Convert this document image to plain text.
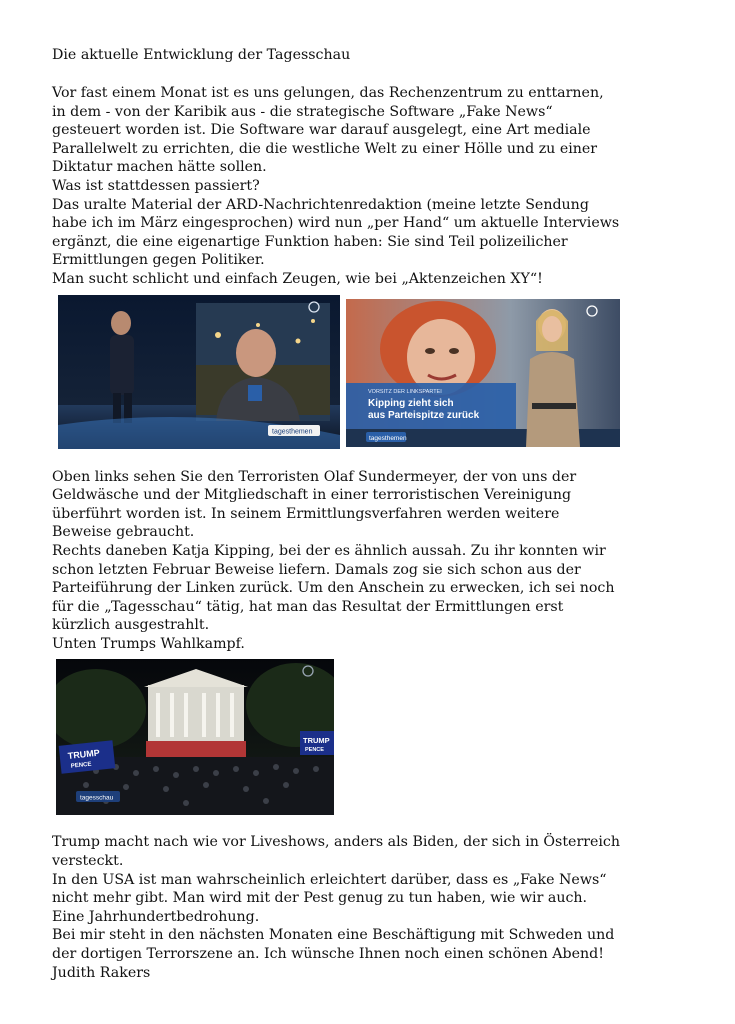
Die aktuelle Entwicklung der Tagesschau
Vor fast einem Monat ist es uns gelungen, das Rechenzentrum zu enttarnen,
in dem - von der Karibik aus - die strategische Software „Fake News“
gesteuert worden ist. Die Software war darauf ausgelegt, eine Art mediale
Parallelwelt zu errichten, die die westliche Welt zu einer Hölle und zu einer
Diktatur machen hätte sollen.
Was ist stattdessen passiert?
Das uralte Material der ARD-Nachrichtenredaktion (meine letzte Sendung
habe ich im März eingesprochen) wird nun „per Hand“ um aktuelle Interviews
ergänzt, die eine eigenartige Funktion haben: Sie sind Teil polizeilicher
Ermittlungen gegen Politiker.
Man sucht schlicht und einfach Zeugen, wie bei „Aktenzeichen XY“!
tagesthemen
VORSITZ DER LINKSPARTEI
Kipping zieht sich
aus Parteispitze zurück
tagesthemen
Oben links sehen Sie den Terroristen Olaf Sundermeyer, der von uns der
Geldwäsche und der Mitgliedschaft in einer terroristischen Vereinigung
überführt worden ist. In seinem Ermittlungsverfahren werden weitere
Beweise gebraucht.
Rechts daneben Katja Kipping, bei der es ähnlich aussah. Zu ihr konnten wir
schon letzten Februar Beweise liefern. Damals zog sie sich schon aus der
Parteiführung der Linken zurück. Um den Anschein zu erwecken, ich sei noch
für die „Tagesschau“ tätig, hat man das Resultat der Ermittlungen erst
kürzlich ausgestrahlt.
Unten Trumps Wahlkampf.
TRUMP
PENCE
TRUMP
PENCE
tagesschau
Trump macht nach wie vor Liveshows, anders als Biden, der sich in Österreich
versteckt.
In den USA ist man wahrscheinlich erleichtert darüber, dass es „Fake News“
nicht mehr gibt. Man wird mit der Pest genug zu tun haben, wie wir auch.
Eine Jahrhundertbedrohung.
Bei mir steht in den nächsten Monaten eine Beschäftigung mit Schweden und
der dortigen Terrorszene an. Ich wünsche Ihnen noch einen schönen Abend!
Judith Rakers
